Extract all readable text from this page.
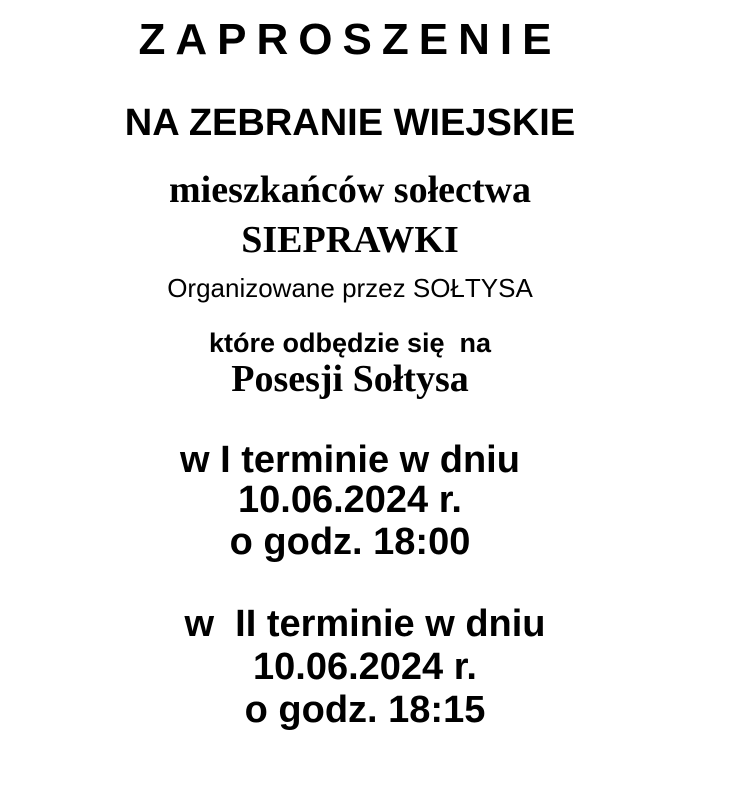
ZAPROSZENIE
NA ZEBRANIE WIEJSKIE
mieszkańców sołectwa
SIEPRAWKI
Organizowane przez SOŁTYSA
które odbędzie się  na
Posesji Sołtysa
w I terminie w dniu
10.06.2024 r.
o godz. 18:00
w  II terminie w dniu
10.06.2024 r.
o godz. 18:15
